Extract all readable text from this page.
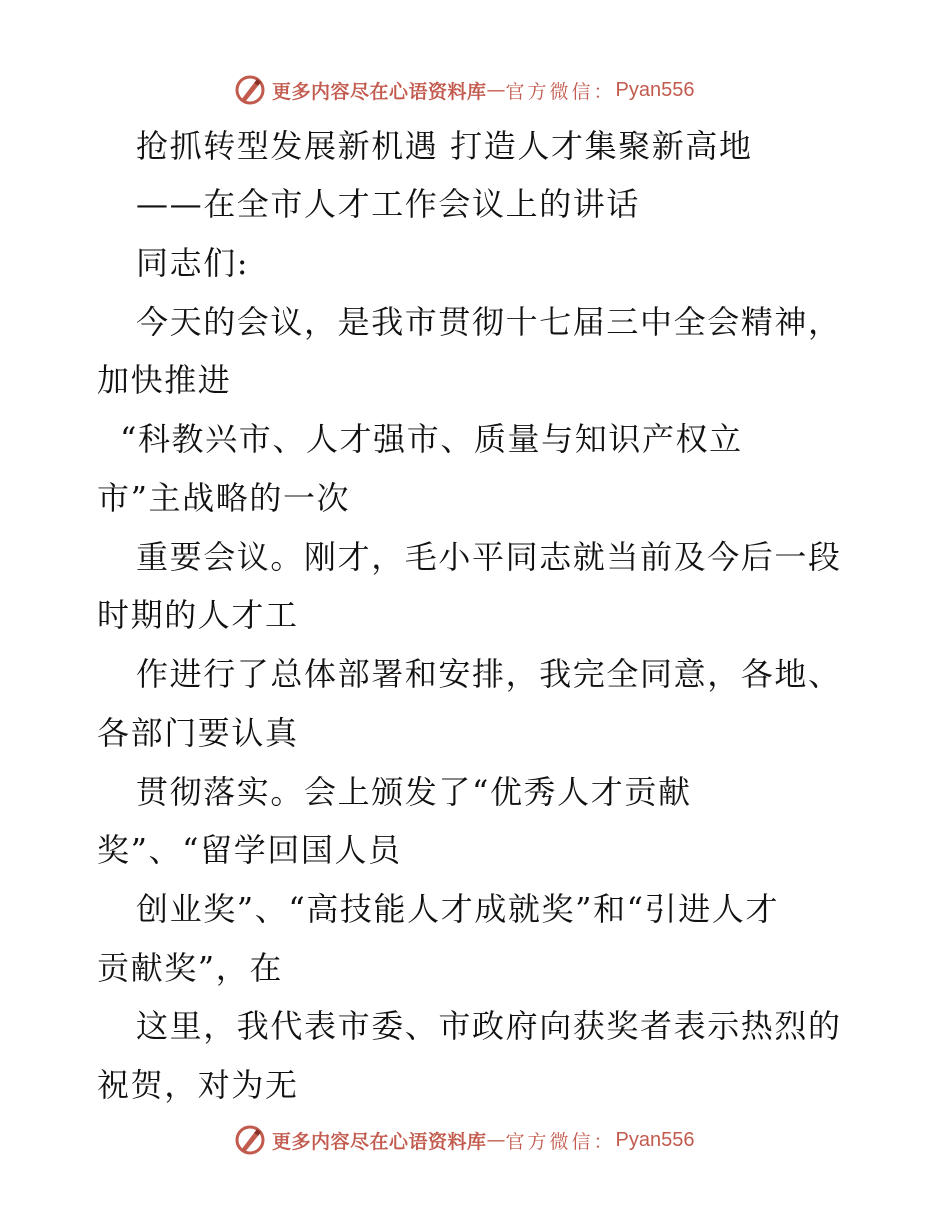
更多内容尽在心语资料库 — 官方微信： Pyan556
抢抓转型发展新机遇 打造人才集聚新高地
——在全市人才工作会议上的讲话
同志们:
今天的会议，是我市贯彻十七届三中全会精神，
加快推进
“科教兴市、人才强市、质量与知识产权立
市”主战略的一次
重要会议。刚才，毛小平同志就当前及今后一段
时期的人才工
作进行了总体部署和安排，我完全同意，各地、
各部门要认真
贯彻落实。会上颁发了“优秀人才贡献
奖”、“留学回国人员
创业奖”、“高技能人才成就奖”和“引进人才
贡献奖”，在
这里，我代表市委、市政府向获奖者表示热烈的
祝贺，对为无
更多内容尽在心语资料库 — 官方微信： Pyan556
